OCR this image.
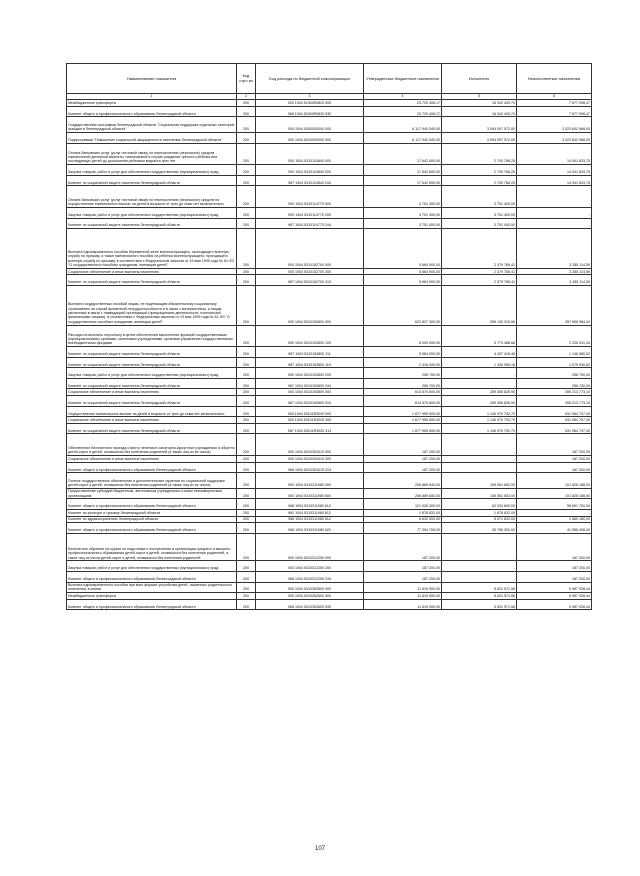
Наименование показателя	Код стро ки	Код расхода по бюджетной классификации	Утвержденные бюджетные назначения	Исполнено	Неисполненные назначения
1	2	3	4	5	6
Межбюджетные трансферты	200	000 1004 52404R0820 500	23 720 408,17	16 042 409,70	7 677 998,47
Комитет общего и профессионального образования Ленинградской области	200	068 1004 52404R0820 530	23 720 408,17	16 042 409,70	7 677 998,47
Государственная программа Ленинградской области "Социальная поддержка отдельных категорий граждан в Ленинградской области"	200	000 1004 5300000000 000	6 117 940 540,00	3 094 097 572,00	3 023 842 968,00
Подпрограмма "Повышение социальной защищенности населения Ленинградской области"	200	000 1004 5310000000 000	6 117 940 540,00	3 094 097 572,00	3 023 842 968,00
Оплата банковских услуг (услуг почтовой связи) по перечислению (пересылке) средств ежемесячной денежной выплаты, назначаемой в случае рождения третьего ребенка или последующих детей до достижения ребенком возраста трех лет	200	000 1004 5310110840 000	17 642 600,00	2 700 766,25	14 941 833,75
Закупка товаров, работ и услуг для обеспечения государственных (муниципальных) нужд	200	000 1004 5310110840 200	17 642 600,00	2 700 766,25	14 941 833,75
Комитет по социальной защите населения Ленинградской области	200	987 1004 5310110840 244	17 642 600,00	2 700 766,25	14 941 833,75
Оплата банковских услуг (услуг почтовой связи) по перечислению (пересылке) средств на осуществление ежемесячных выплат на детей в возрасте от трех до семи лет включительно	200	000 1004 5310114770 000	3 751 400,00	3 751 400,00	-
Закупка товаров, работ и услуг для обеспечения государственных (муниципальных) нужд	200	000 1004 5310114770 200	3 751 400,00	3 751 400,00	-
Комитет по социальной защите населения Ленинградской области	200	987 1004 5310114770 244	3 751 400,00	3 751 400,00	-
Выплата единовременного пособия беременной жене военнослужащего, проходящего военную службу по призыву, а также ежемесячного пособия на ребенка военнослужащего, проходящего военную службу по призыву, в соответствии с Федеральным законом от 19 мая 1995 года № 81-ФЗ "О государственных пособиях гражданам, имеющим детей"	200	000 1004 5310152700 000	5 664 900,00	2 379 785,41	3 285 114,59
Социальное обеспечение и иные выплаты населению	200	000 1004 5310152700 300	5 664 900,00	2 379 785,41	3 285 114,59
Комитет по социальной защите населения Ленинградской области	200	987 1004 5310152700 313	5 664 900,00	2 379 785,41	3 285 114,59
Выплата государственных пособий лицам, не подлежащим обязательному социальному страхованию на случай временной нетрудоспособности и в связи с материнством, и лицам, уволенным в связи с ликвидацией организаций (прекращением деятельности, полномочий физическими лицами), в соответствии с Федеральным законом от 19 мая 1995 года № 81-ФЗ "О государственных пособиях гражданам, имеющим детей"	200	000 1004 5310153800 000	622 827 300,00	265 130 315,56	357 696 984,44
Расходы на выплаты персоналу в целях обеспечения выполнения функций государственными (муниципальными) органами, казенными учреждениями, органами управления государственными внебюджетными фондами	200	000 1004 5310153800 100	8 000 000,00	5 773 488,66	2 226 511,34
Комитет по социальной защите населения Ленинградской области	200	987 1004 5310153800 111	5 584 000,00	4 437 419,48	1 146 580,52
Комитет по социальной защите населения Ленинградской области	200	987 1004 5310153800 119	2 416 000,00	1 336 069,18	1 079 930,82
Закупка товаров, работ и услуг для обеспечения государственных (муниципальных) нужд	200	000 1004 5310153800 200	256 700,00	-	256 700,00
Комитет по социальной защите населения Ленинградской области	200	987 1004 5310153800 244	256 700,00	-	256 700,00
Социальное обеспечение и иные выплаты населению	200	000 1004 5310153800 300	614 570 600,00	259 356 826,90	355 213 773,10
Комитет по социальной защите населения Ленинградской области	200	987 1004 5310153800 313	614 570 600,00	259 356 826,90	355 213 773,10
Осуществление ежемесячных выплат на детей в возрасте от трех до семи лет включительно	200	000 1004 53101R3020 000	1 677 955 500,00	1 145 970 792,70	531 984 707,30
Социальное обеспечение и иные выплаты населению	200	000 1004 53101R3020 300	1 677 955 500,00	1 145 970 792,70	531 984 707,30
Комитет по социальной защите населения Ленинградской области	200	987 1004 53101R3020 313	1 677 955 500,00	1 145 970 792,70	531 984 707,30
Обеспечение бесплатного проезда к месту лечения в санаторно-курортных учреждениях и обратно детей-сирот и детей, оставшихся без попечения родителей (а также лиц из их числа)	200	000 1004 5310303410 000	187 200,00	-	187 200,00
Социальное обеспечение и иные выплаты населению	200	000 1004 5310303410 300	187 200,00	-	187 200,00
Комитет общего и профессионального образования Ленинградской области	200	068 1004 5310303410 313	187 200,00	-	187 200,00
Полное государственное обеспечение и дополнительные гарантии по социальной поддержке детей-сирот и детей, оставшихся без попечения родителей (а также лиц из их числа)	200	000 1004 5310311980 000	206 889 840,00	105 061 652,00	101 828 188,00
Предоставление субсидий бюджетным, автономным учреждениям и иным некоммерческим организациям	200	000 1004 5310311980 600	206 889 840,00	105 061 652,00	101 828 188,00
Комитет общего и профессионального образования Ленинградской области	200	068 1004 5310311980 612	121 026 300,00	62 334 600,00	58 691 700,00
Комитет по культуре и туризму Ленинградской области	200	982 1004 5310311980 612	1 878 832,00	1 878 832,00	-
Комитет по здравоохранению Ленинградской области	200	986 1004 5310311980 612	6 632 000,00	5 071 820,00	1 560 180,00
Комитет общего и профессионального образования Ленинградской области	200	068 1004 5310311980 622	77 354 708,00	35 796 300,00	41 558 408,00
Бесплатное обучение на курсах по подготовке к поступлению в организации среднего и высшего профессионального образования детей-сирот и детей, оставшихся без попечения родителей, а также лиц из числа детей-сирот и детей, оставшихся без попечения родителей	200	000 1004 5310312250 000	187 200,00	-	187 200,00
Закупка товаров, работ и услуг для обеспечения государственных (муниципальных) нужд	200	000 1004 5310312250 200	187 200,00	-	187 200,00
Комитет общего и профессионального образования Ленинградской области	200	068 1004 5310312250 244	187 200,00	-	187 200,00
Выплата единовременного пособия при всех формах устройства детей, лишенных родительского попечения, в семью	200	000 1004 5310352600 000	11 619 900,00	5 631 971,56	5 987 928,44
Межбюджетные трансферты	200	000 1004 5310352600 500	11 619 900,00	5 631 971,56	5 987 928,44
Комитет общего и профессионального образования Ленинградской области	200	068 1004 5310352600 530	11 619 900,00	5 631 971,56	5 987 928,44
107
